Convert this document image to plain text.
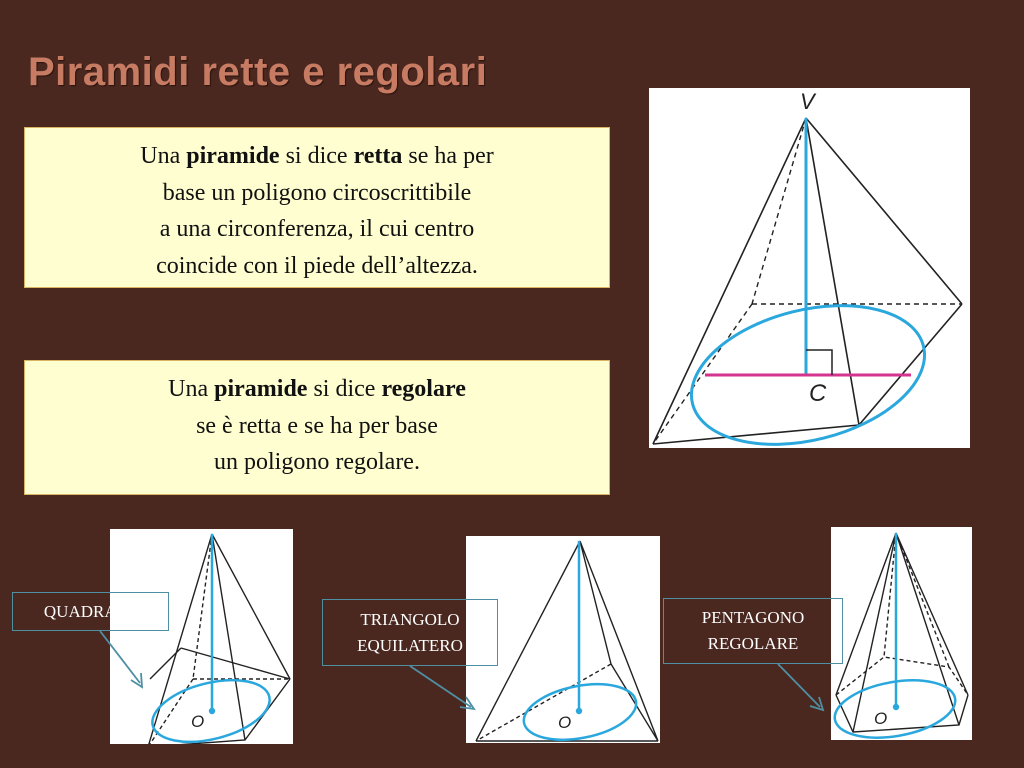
Piramidi rette e regolari

Una piramide si dice retta se ha per

base un poligono circoscrittibile

a una circonferenza, il cui centro

coincide con il piede dell’altezza.

Una piramide si dice regolare

se è retta e se ha per base

un poligono regolare.

V
C
O	O	O
QUADRATO	TRIANGOLO
EQUILATERO
PENTAGONO
REGOLARE
